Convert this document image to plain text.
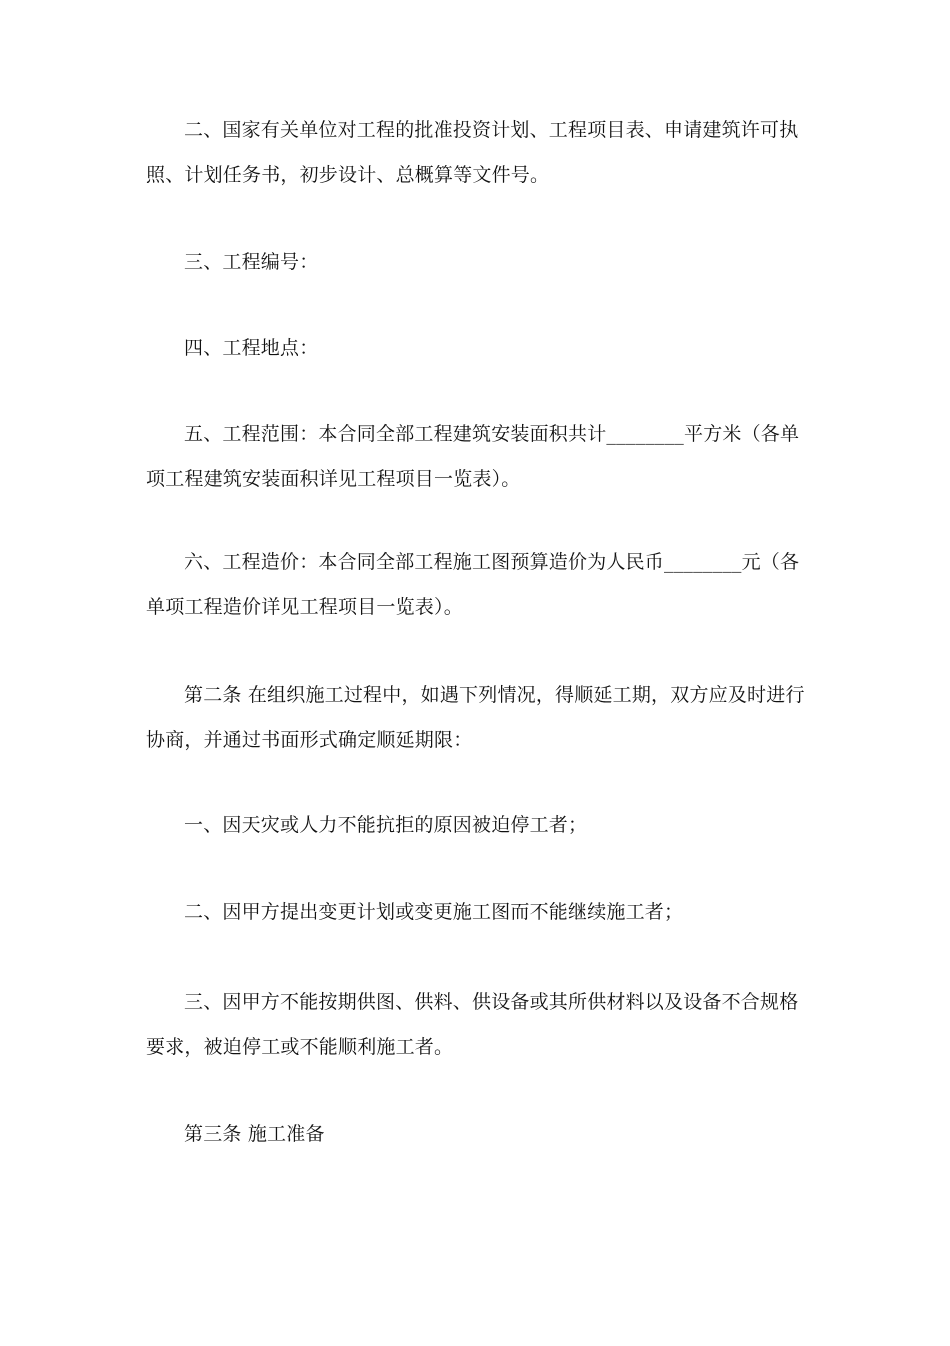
二、国家有关单位对工程的批准投资计划、工程项目表、申请建筑许可执照、计划任务书，初步设计、总概算等文件号。

三、工程编号：

四、工程地点：

五、工程范围：本合同全部工程建筑安装面积共计________平方米（各单项工程建筑安装面积详见工程项目一览表）。

六、工程造价：本合同全部工程施工图预算造价为人民币________元（各单项工程造价详见工程项目一览表）。

第二条 在组织施工过程中，如遇下列情况，得顺延工期，双方应及时进行协商，并通过书面形式确定顺延期限：

一、因天灾或人力不能抗拒的原因被迫停工者；

二、因甲方提出变更计划或变更施工图而不能继续施工者；

三、因甲方不能按期供图、供料、供设备或其所供材料以及设备不合规格要求，被迫停工或不能顺利施工者。

第三条 施工准备
